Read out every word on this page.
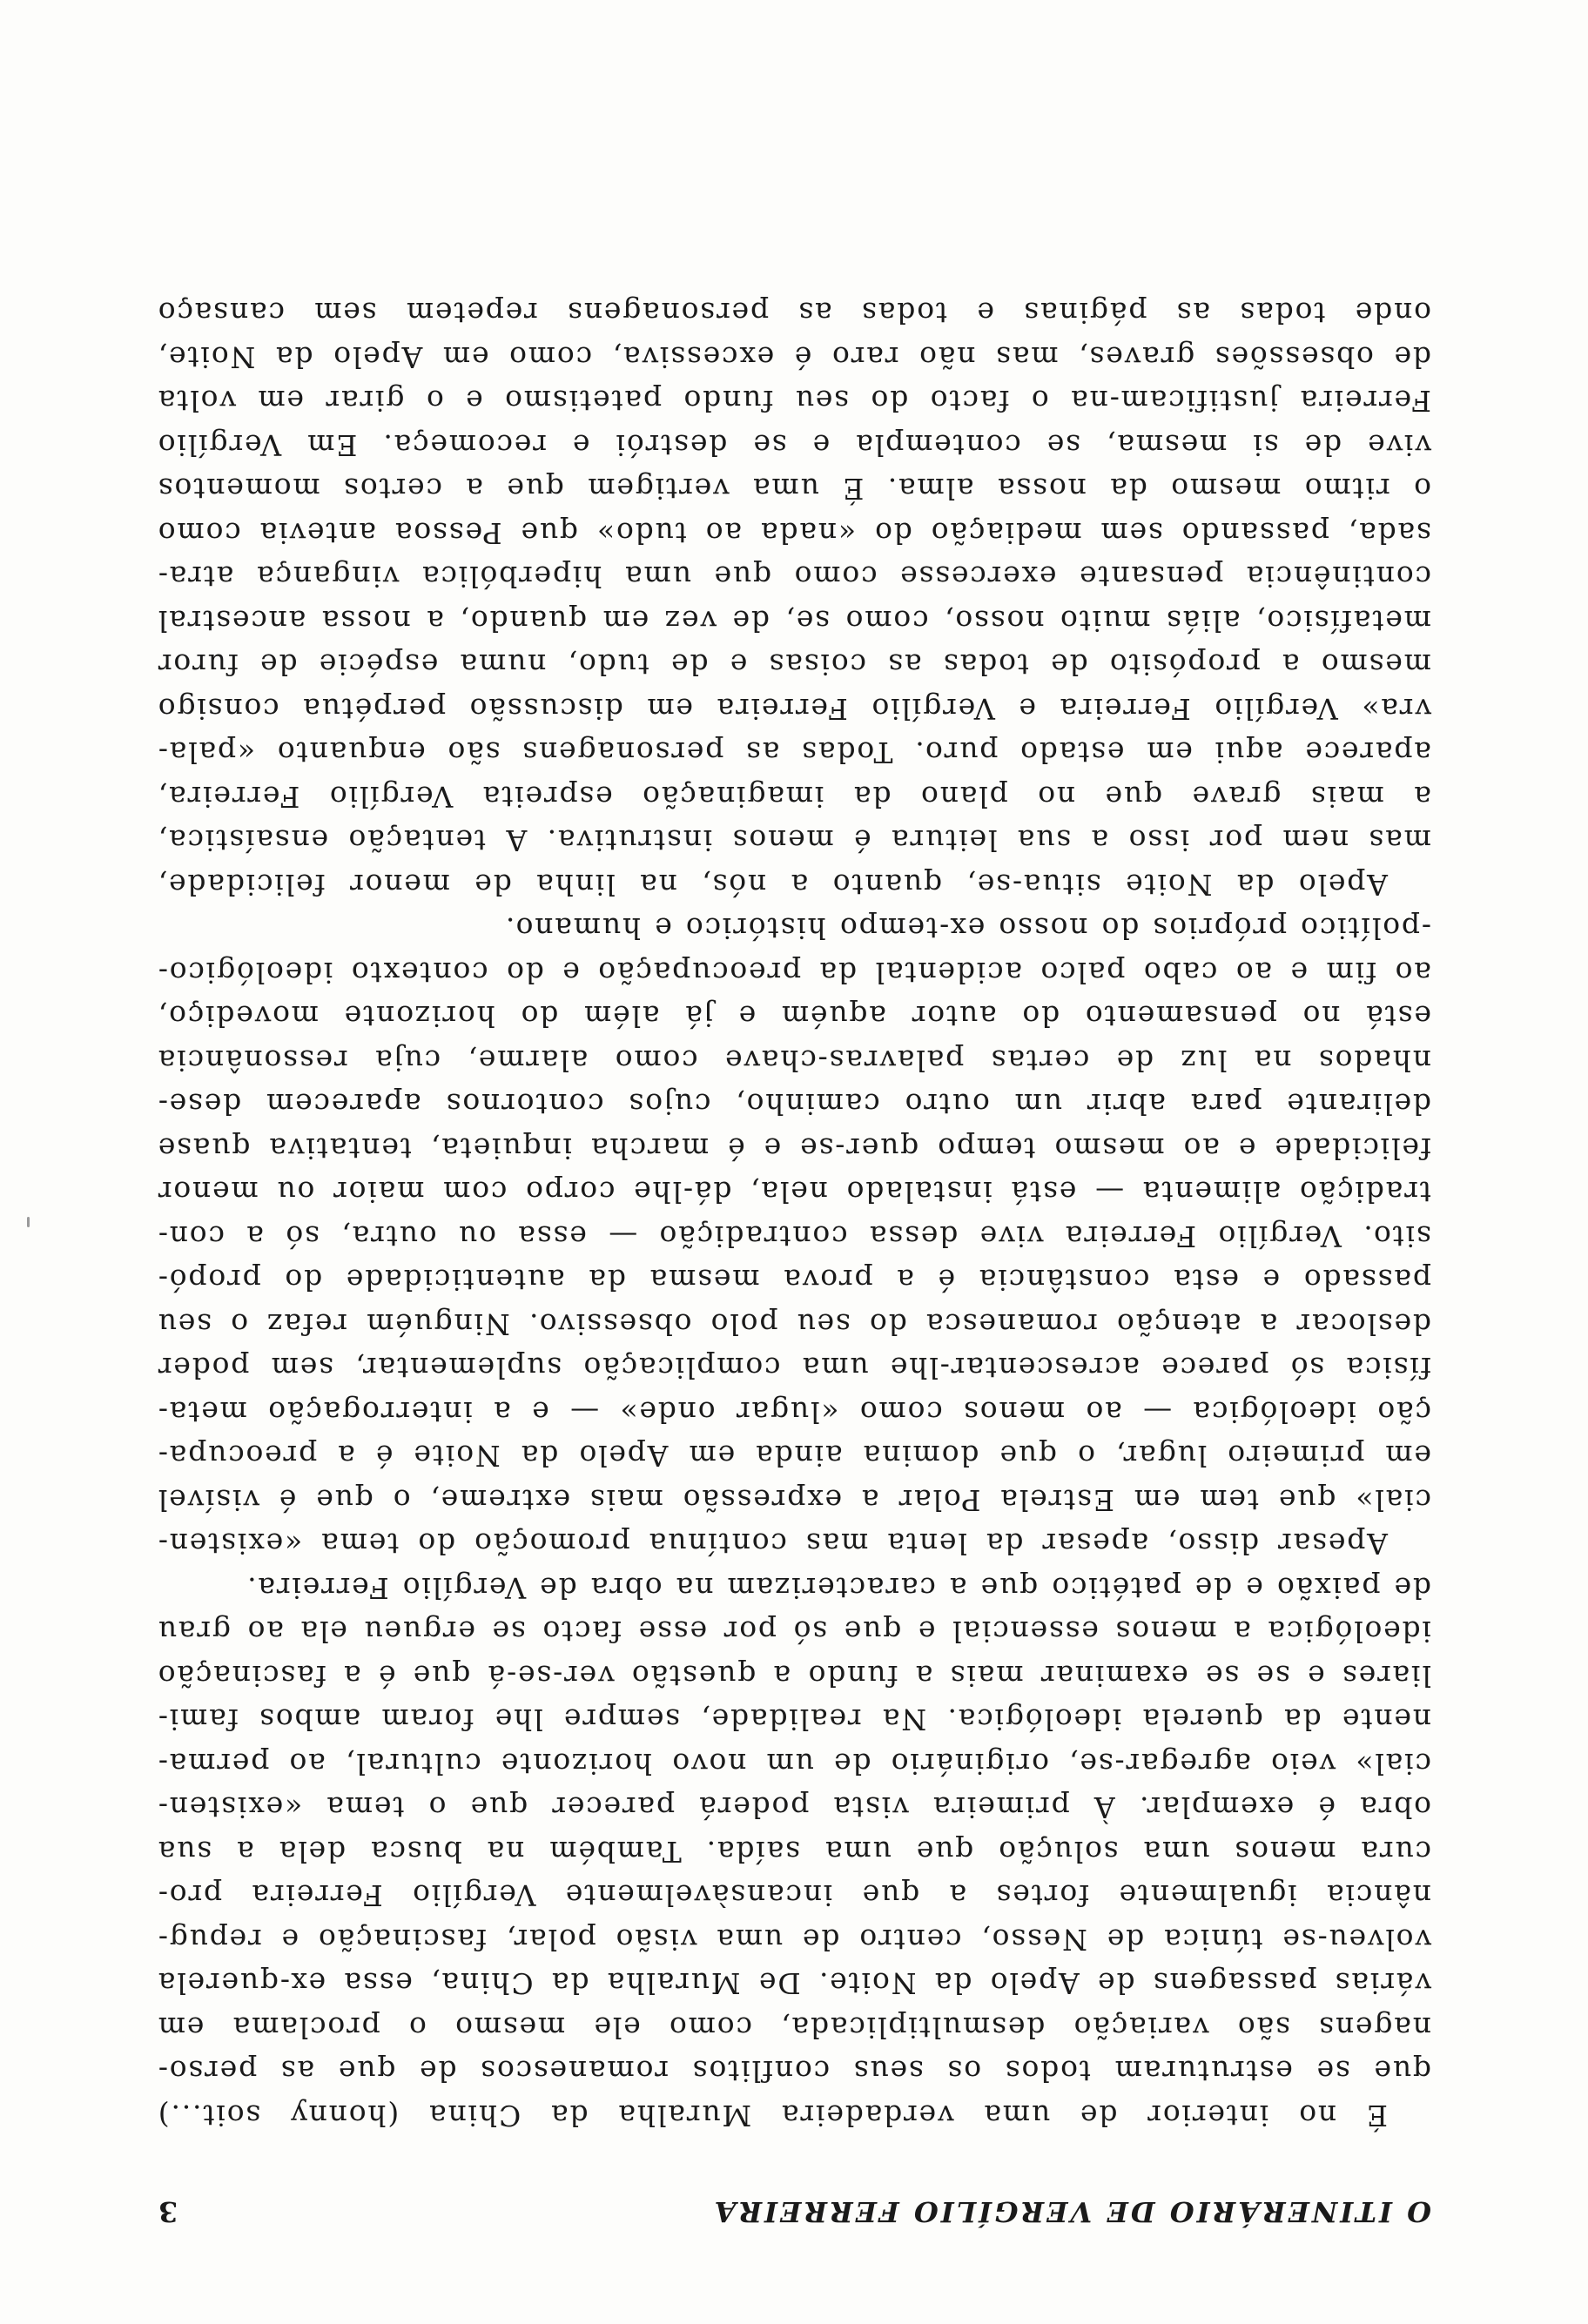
O ITINERÁRIO DE VERGÍLIO FERREIRA
3
É no interior de uma verdadeira Muralha da China (honny soit...)
que se estruturam todos os seus conflitos romanescos de que as perso-
nagens são variação desmultiplicada, como ele mesmo o proclama em
várias passagens de Apelo da Noite. De Muralha da China, essa ex-querela
volveu-se túnica de Nesso, centro de uma visão polar, fascinação e repug-
nância igualmente fortes a que incansàvelmente Vergílio Ferreira pro-
cura menos uma solução que uma saída. Também na busca dela a sua
obra é exemplar. À primeira vista poderá parecer que o tema «existen-
cial» veio agregar-se, originário de um novo horizonte cultural, ao perma-
nente da querela ideológica. Na realidade, sempre lhe foram ambos fami-
liares e se se examinar mais a fundo a questão ver-se-á que é a fascinação
ideológica a menos essencial e que só por esse facto se ergueu ela ao grau
de paixão e de patético que a caracterizam na obra de Vergílio Ferreira.
Apesar disso, apesar da lenta mas contínua promoção do tema «existen-
cial» que tem em Estrela Polar a expressão mais extreme, o que é visível
em primeiro lugar, o que domina ainda em Apelo da Noite é a preocupa-
ção ideológica — ao menos como «lugar onde» — e a interrogação meta-
física só parece acrescentar-lhe uma complicação suplementar, sem poder
deslocar a atenção romanesca do seu polo obsessivo. Ninguém refaz o seu
passado e esta constância é a prova mesma da autenticidade do propó-
sito. Vergílio Ferreira vive dessa contradição — essa ou outra, só a con-
tradição alimenta — está instalado nela, dá-lhe corpo com maior ou menor
felicidade e ao mesmo tempo quer-se e é marcha inquieta, tentativa quase
delirante para abrir um outro caminho, cujos contornos aparecem dese-
nhados na luz de certas palavras-chave como alarme, cuja ressonância
está no pensamento do autor aquém e já além do horizonte movediço,
ao fim e ao cabo palco acidental da preocupação e do contexto ideológico-
-político próprios do nosso ex-tempo histórico e humano.
Apelo da Noite situa-se, quanto a nós, na linha de menor felicidade,
mas nem por isso a sua leitura é menos instrutiva. A tentação ensaística,
a mais grave que no plano da imaginação espreita Vergílio Ferreira,
aparece aqui em estado puro. Todas as personagens são enquanto «pala-
vra» Vergílio Ferreira e Vergílio Ferreira em discussão perpétua consigo
mesmo a propósito de todas as coisas e de tudo, numa espécie de furor
metafísico, aliás muito nosso, como se, de vez em quando, a nossa ancestral
continência pensante exercesse como que uma hiperbólica vingança atra-
sada, passando sem mediação do «nada ao tudo» que Pessoa antevia como
o ritmo mesmo da nossa alma. É uma vertigem que a certos momentos
vive de si mesma, se contempla e se destrói e recomeça. Em Vergílio
Ferreira justificam-na o facto do seu fundo patetismo e o girar em volta
de obsessões graves, mas não raro é excessiva, como em Apelo da Noite,
onde todas as páginas e todas as personagens repetem sem cansaço
